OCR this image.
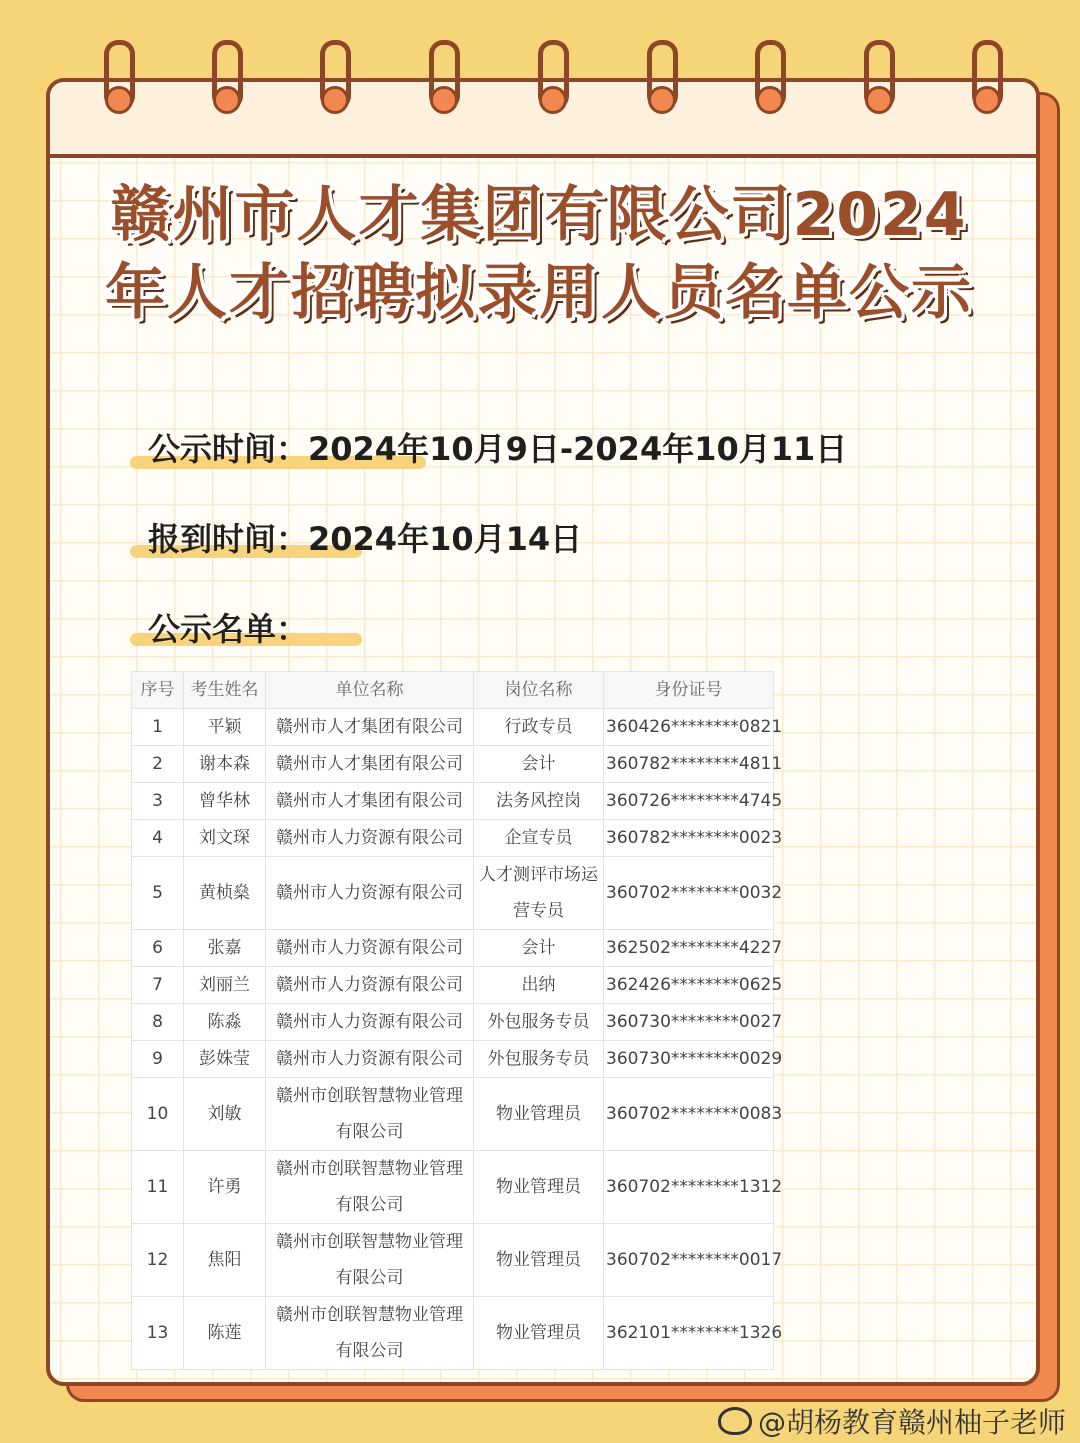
赣州市人才集团有限公司2024
年人才招聘拟录用人员名单公示
公示时间：2024年10月9日-2024年10月11日
报到时间：2024年10月14日
公示名单：
序号	考生姓名	单位名称	岗位名称	身份证号
1	平颖	赣州市人才集团有限公司	行政专员	360426********0821
2	谢本森	赣州市人才集团有限公司	会计	360782********4811
3	曾华林	赣州市人才集团有限公司	法务风控岗	360726********4745
4	刘文琛	赣州市人力资源有限公司	企宣专员	360782********0023
5	黄桢燊	赣州市人力资源有限公司	人才测评市场运营专员	360702********0032
6	张嘉	赣州市人力资源有限公司	会计	362502********4227
7	刘丽兰	赣州市人力资源有限公司	出纳	362426********0625
8	陈淼	赣州市人力资源有限公司	外包服务专员	360730********0027
9	彭姝莹	赣州市人力资源有限公司	外包服务专员	360730********0029
10	刘敏	赣州市创联智慧物业管理有限公司	物业管理员	360702********0083
11	许勇	赣州市创联智慧物业管理有限公司	物业管理员	360702********1312
12	焦阳	赣州市创联智慧物业管理有限公司	物业管理员	360702********0017
13	陈莲	赣州市创联智慧物业管理有限公司	物业管理员	362101********1326
@胡杨教育赣州柚子老师
